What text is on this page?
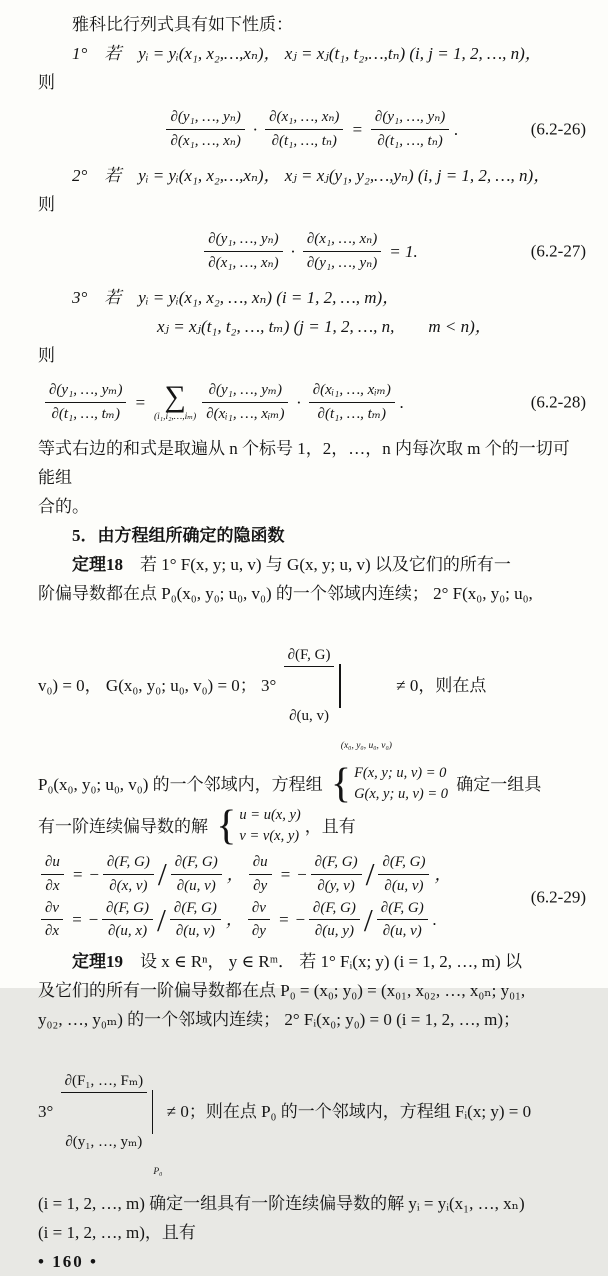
雅科比行列式具有如下性质：

1°　若　yᵢ = yᵢ(x₁, x₂,…,xₙ)， xⱼ = xⱼ(t₁, t₂,…,tₙ) (i, j = 1, 2, …, n)，

则

$\frac{\text{∂(y₁, …, yₙ)}}{\text{∂(x₁, …, xₙ)}} \cdot \frac{\text{∂(x₁, …, xₙ)}}{\text{∂(t₁, …, tₙ)}} = \frac{\text{∂(y₁, …, yₙ)}}{\text{∂(t₁, …, tₙ)}}$ .	(6.2-26)

2°　若　yᵢ = yᵢ(x₁, x₂,…,xₙ)， xⱼ = xⱼ(y₁, y₂,…,yₙ) (i, j = 1, 2, …, n)，

则

$\frac{\text{∂(y₁, …, yₙ)}}{\text{∂(x₁, …, xₙ)}} \cdot \frac{\text{∂(x₁, …, xₙ)}}{\text{∂(y₁, …, yₙ)}} = 1$.	(6.2-27)

3°　若　yᵢ = yᵢ(x₁, x₂, …, xₙ) (i = 1, 2, …, m)，

xⱼ = xⱼ(t₁, t₂, …, tₘ) (j = 1, 2, …, n,　　m < n)，

则

$\frac{\text{∂(y₁, …, yₘ)}}{\text{∂(t₁, …, tₘ)}}$ = ∑
(i₁,i₂,…,iₘ) $\frac{\text{∂(y₁, …, yₘ)}}{\text{∂(xᵢ₁, …, xᵢₘ)}} \cdot \frac{\text{∂(xᵢ₁, …, xᵢₘ)}}{\text{∂(t₁, …, tₘ)}}$ .	(6.2-28)

等式右边的和式是取遍从 n 个标号 1，2，…，n 内每次取 m 个的一切可能组

合的。

5．由方程组所确定的隐函数

定理18　若 1° F(x, y; u, v) 与 G(x, y; u, v) 以及它们的所有一

阶偏导数都在点 P₀(x₀, y₀; u₀, v₀) 的一个邻域内连续； 2° F(x₀, y₀; u₀,

v₀) = 0， G(x₀, y₀; u₀, v₀) = 0； 3°

$\frac{\partial(F, G)}{\partial(u, v)}$

(x₀, y₀, u₀, v₀)
≠ 0，则在点
P₀(x₀, y₀; u₀, v₀) 的一个邻域内，方程组 { F(x, y; u, v) = 0
G(x, y; u, v) = 0
确定一组具
有一阶连续偏导数的解 { u = u(x, y)
v = v(x, y)
，且有
$\frac{\partial u}{\partial x}$ = − $\frac{\partial(F, G)}{\partial(x, v)} / \frac{\partial(F, G)}{\partial(u, v)}$ ， $\frac{\partial u}{\partial y}$ = − $\frac{\partial(F, G)}{\partial(y, v)} / \frac{\partial(F, G)}{\partial(u, v)}$ ，
$\frac{\partial v}{\partial x}$ = − $\frac{\partial(F, G)}{\partial(u, x)} / \frac{\partial(F, G)}{\partial(u, v)}$ ， $\frac{\partial v}{\partial y}$ = − $\frac{\partial(F, G)}{\partial(u, y)} / \frac{\partial(F, G)}{\partial(u, v)}$ .
(6.2-29)

定理19　设 x ∈ Rⁿ， y ∈ Rᵐ． 若 1° Fᵢ(x; y) (i = 1, 2, …, m) 以

及它们的所有一阶偏导数都在点 P₀ = (x₀; y₀) = (x₀₁, x₀₂, …, x₀ₙ; y₀₁,

y₀₂, …, y₀ₘ) 的一个邻域内连续； 2° Fᵢ(x₀; y₀) = 0 (i = 1, 2, …, m)；

3°

$\frac{\text{∂(F₁, …, Fₘ)}}{\text{∂(y₁, …, yₘ)}}$

P₀
≠ 0；则在点 P₀ 的一个邻域内，方程组 Fᵢ(x; y) = 0

(i = 1, 2, …, m) 确定一组具有一阶连续偏导数的解 yᵢ = yᵢ(x₁, …, xₙ)

(i = 1, 2, …, m)，且有

• 160 •
